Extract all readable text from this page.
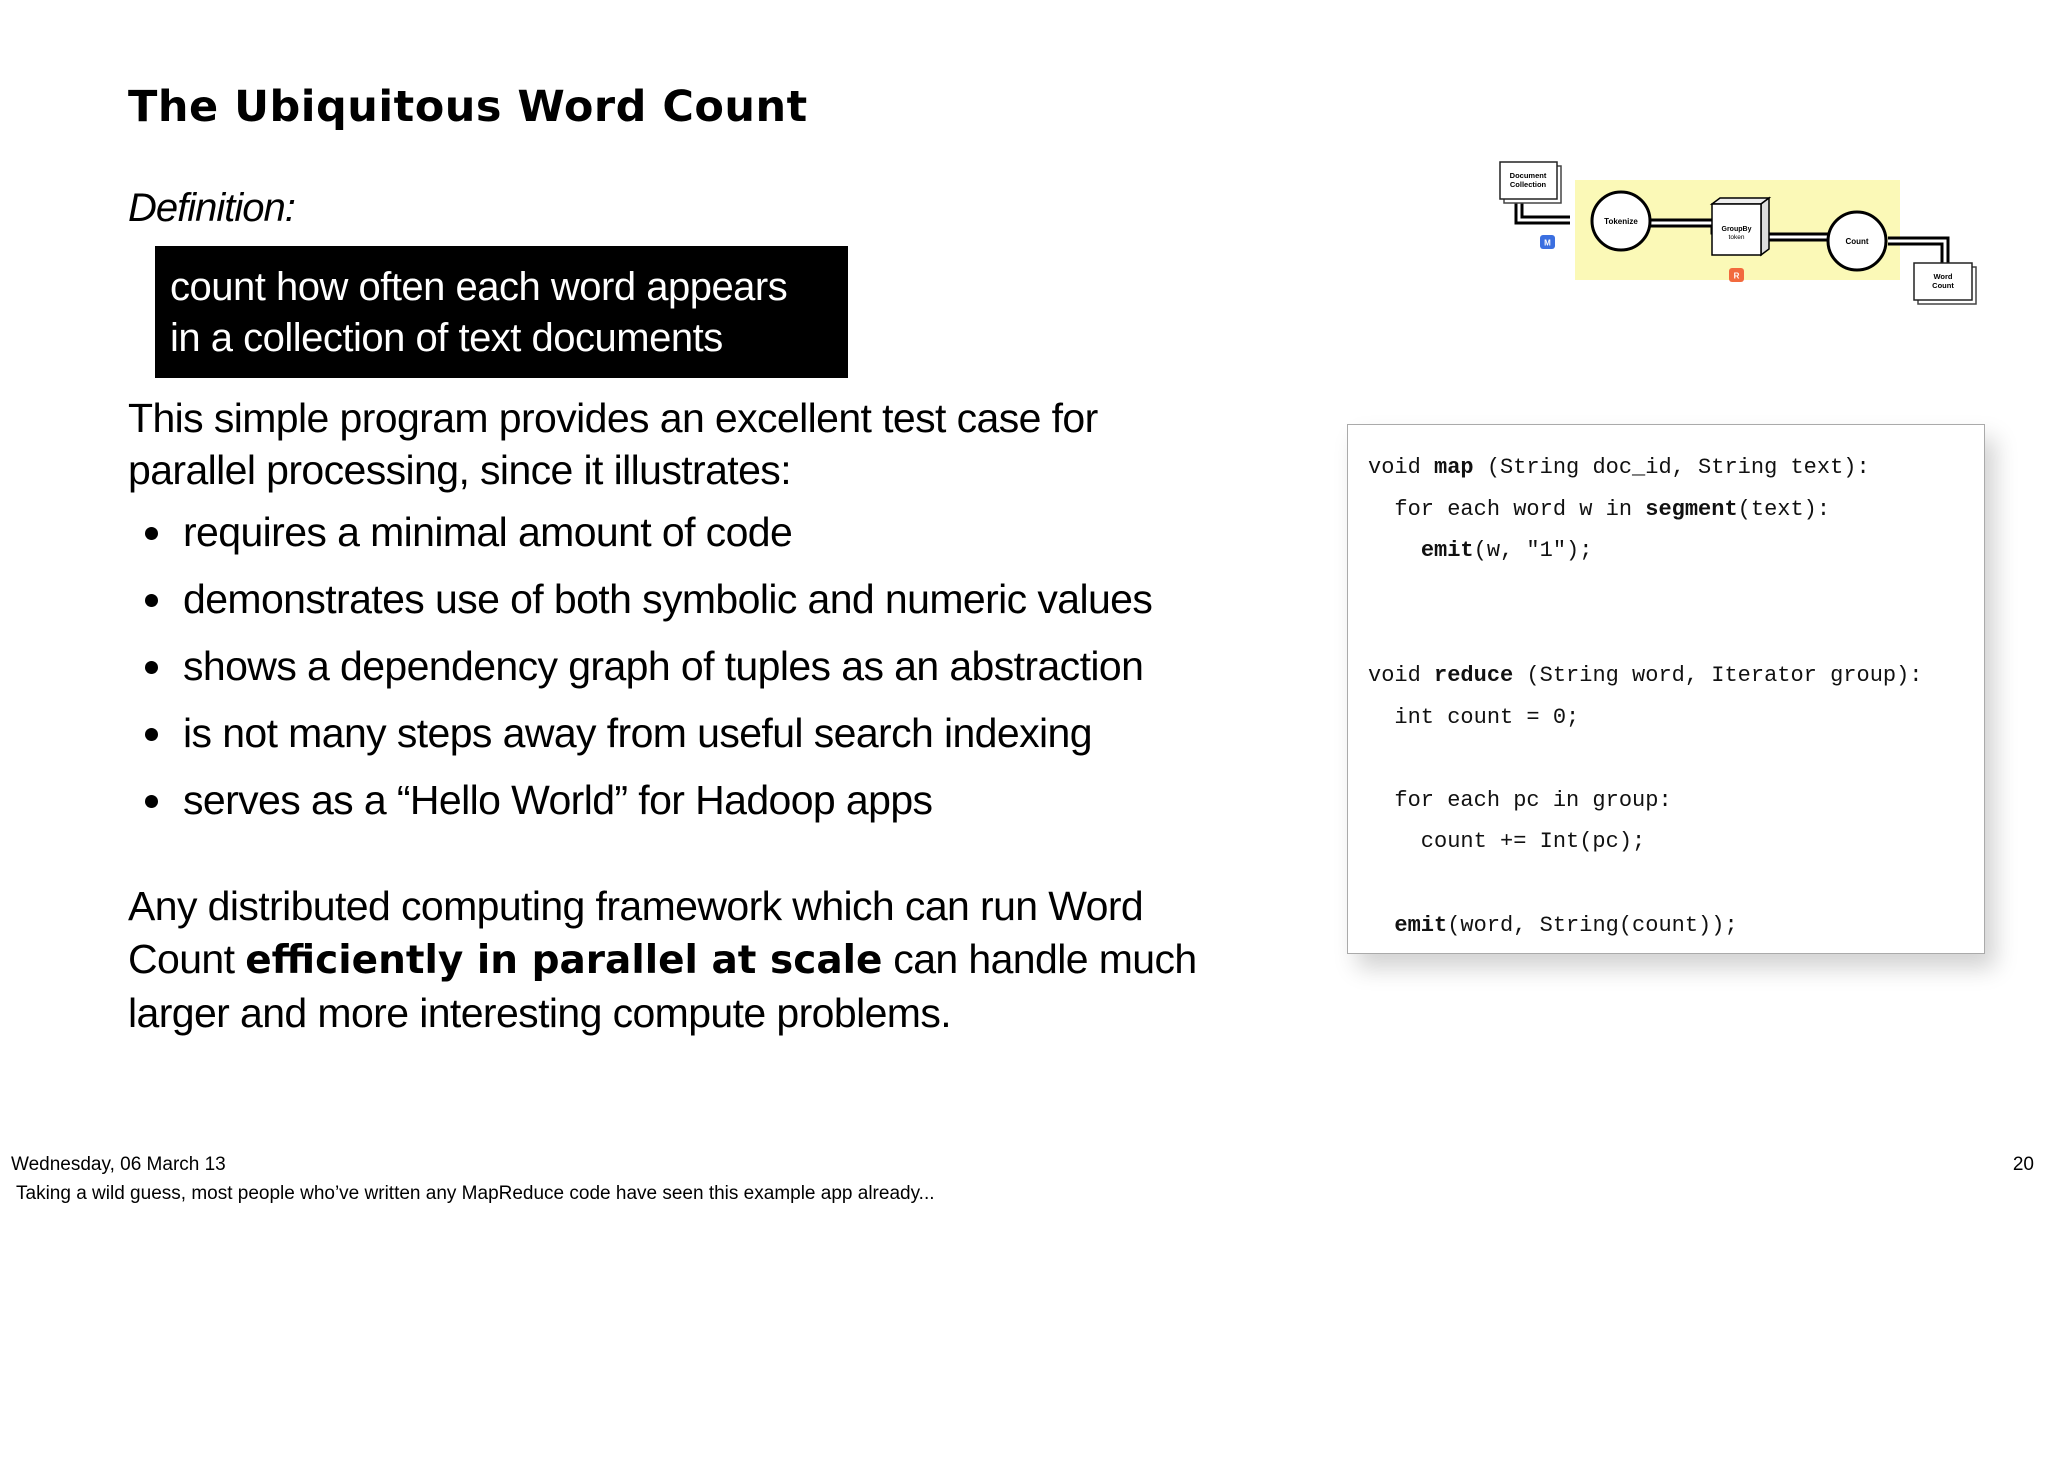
The Ubiquitous Word Count
Definition:
count how often each word appears
in a collection of text documents
This simple program provides an excellent test case for
parallel processing, since it illustrates:
requires a minimal amount of code
demonstrates use of both symbolic and numeric values
shows a dependency graph of tuples as an abstraction
is not many steps away from useful search indexing
serves as a “Hello World” for Hadoop apps
Any distributed computing framework which can run Word
Count efficiently in parallel at scale can handle much
larger and more interesting compute problems.
Document
Collection
M
Tokenize
GroupBy
token
R
Count
Word
Count
void map (String doc_id, String text):
for each word w in segment(text):
emit(w, "1");

void reduce (String word, Iterator group):
int count = 0;

for each pc in group:
count += Int(pc);

emit(word, String(count));
Wednesday, 06 March 13	20
Taking a wild guess, most people who’ve written any MapReduce code have seen this example app already...
